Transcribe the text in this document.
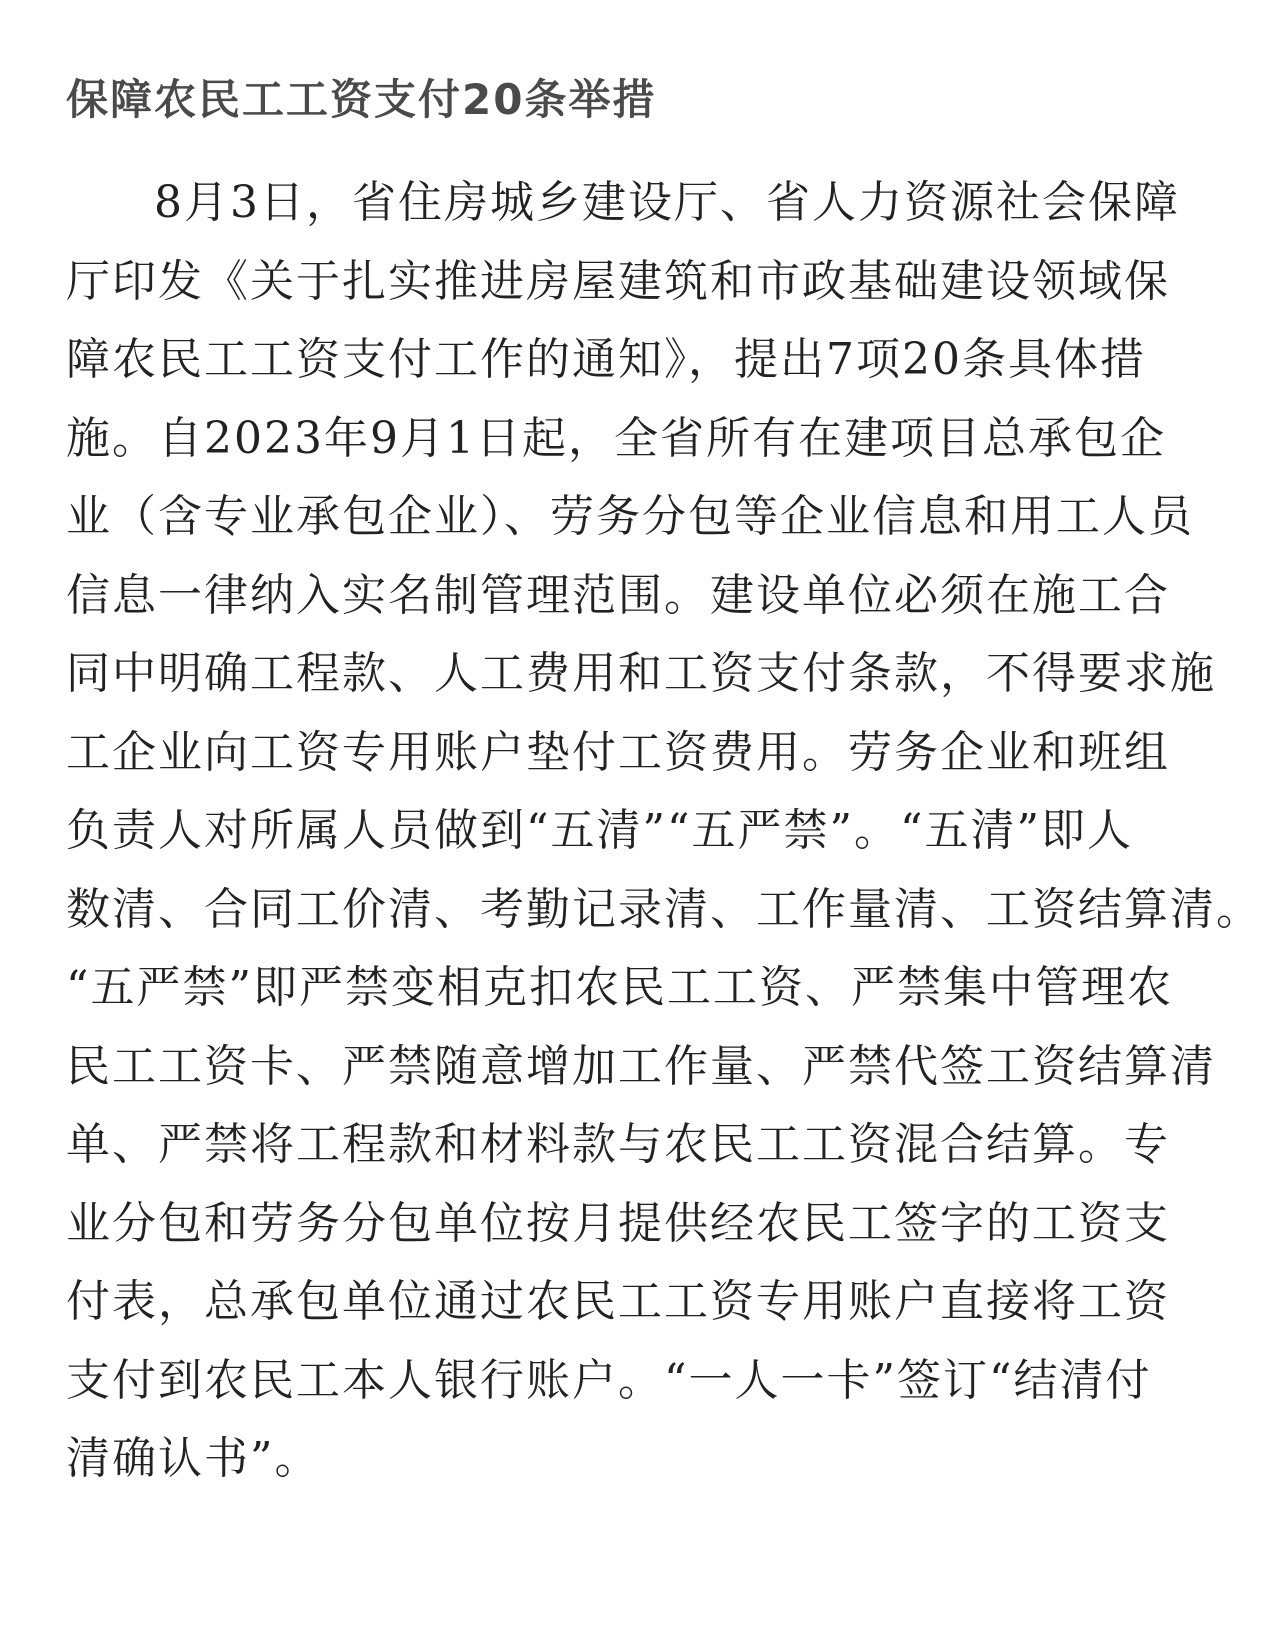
保障农民工工资支付20条举措
8月3日，省住房城乡建设厅、省人力资源社会保障
厅印发《关于扎实推进房屋建筑和市政基础建设领域保
障农民工工资支付工作的通知》，提出7项20条具体措
施。自2023年9月1日起，全省所有在建项目总承包企
业（含专业承包企业）、劳务分包等企业信息和用工人员
信息一律纳入实名制管理范围。建设单位必须在施工合
同中明确工程款、人工费用和工资支付条款，不得要求施
工企业向工资专用账户垫付工资费用。劳务企业和班组
负责人对所属人员做到“五清”“五严禁”。“五清”即人
数清、合同工价清、考勤记录清、工作量清、工资结算清。
“五严禁”即严禁变相克扣农民工工资、严禁集中管理农
民工工资卡、严禁随意增加工作量、严禁代签工资结算清
单、严禁将工程款和材料款与农民工工资混合结算。专
业分包和劳务分包单位按月提供经农民工签字的工资支
付表，总承包单位通过农民工工资专用账户直接将工资
支付到农民工本人银行账户。“一人一卡”签订“结清付
清确认书”。
